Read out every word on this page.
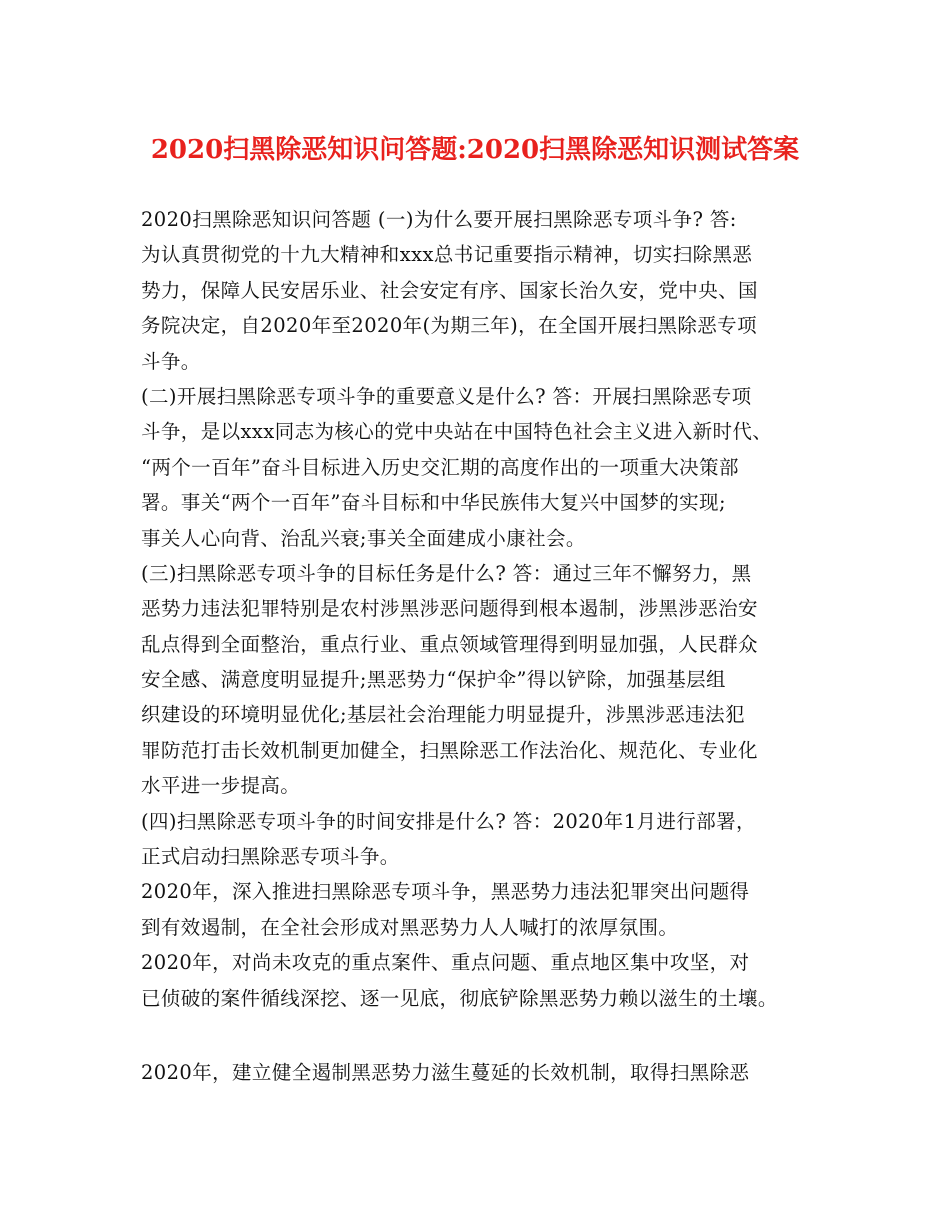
2020扫黑除恶知识问答题:2020扫黑除恶知识测试答案
2020扫黑除恶知识问答题 (一)为什么要开展扫黑除恶专项斗争? 答:
为认真贯彻党的十九大精神和xxx总书记重要指示精神，切实扫除黑恶
势力，保障人民安居乐业、社会安定有序、国家长治久安，党中央、国
务院决定，自2020年至2020年(为期三年)，在全国开展扫黑除恶专项
斗争。
(二)开展扫黑除恶专项斗争的重要意义是什么? 答：开展扫黑除恶专项
斗争，是以xxx同志为核心的党中央站在中国特色社会主义进入新时代、
“两个一百年”奋斗目标进入历史交汇期的高度作出的一项重大决策部
署。事关“两个一百年”奋斗目标和中华民族伟大复兴中国梦的实现;
事关人心向背、治乱兴衰;事关全面建成小康社会。
(三)扫黑除恶专项斗争的目标任务是什么? 答：通过三年不懈努力，黑
恶势力违法犯罪特别是农村涉黑涉恶问题得到根本遏制，涉黑涉恶治安
乱点得到全面整治，重点行业、重点领域管理得到明显加强，人民群众
安全感、满意度明显提升;黑恶势力“保护伞”得以铲除，加强基层组
织建设的环境明显优化;基层社会治理能力明显提升，涉黑涉恶违法犯
罪防范打击长效机制更加健全，扫黑除恶工作法治化、规范化、专业化
水平进一步提高。
(四)扫黑除恶专项斗争的时间安排是什么? 答：2020年1月进行部署，
正式启动扫黑除恶专项斗争。
2020年，深入推进扫黑除恶专项斗争，黑恶势力违法犯罪突出问题得
到有效遏制，在全社会形成对黑恶势力人人喊打的浓厚氛围。
2020年，对尚未攻克的重点案件、重点问题、重点地区集中攻坚，对
已侦破的案件循线深挖、逐一见底，彻底铲除黑恶势力赖以滋生的土壤。
2020年，建立健全遏制黑恶势力滋生蔓延的长效机制，取得扫黑除恶
